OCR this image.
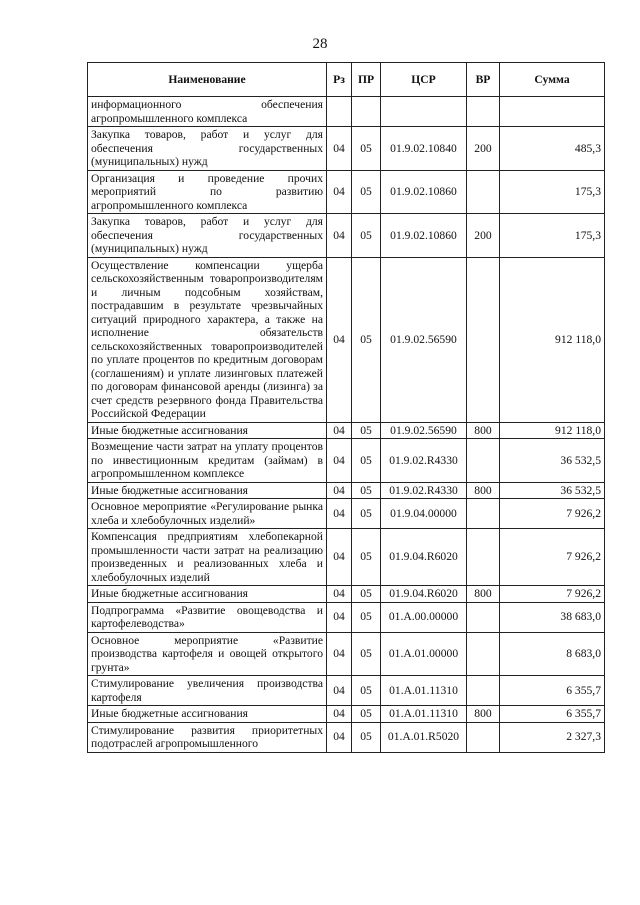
28
Наименование	Рз	ПР	ЦСР	ВР	Сумма
информационного обеспечения агропромышленного комплекса					
Закупка товаров, работ и услуг для обеспечения государственных (муниципальных) нужд	04	05	01.9.02.10840	200	485,3
Организация и проведение прочих мероприятий по развитию агропромышленного комплекса	04	05	01.9.02.10860		175,3
Закупка товаров, работ и услуг для обеспечения государственных (муниципальных) нужд	04	05	01.9.02.10860	200	175,3
Осуществление компенсации ущерба сельскохозяйственным товаропроизводителям и личным подсобным хозяйствам, пострадавшим в результате чрезвычайных ситуаций природного характера, а также на исполнение обязательств сельскохозяйственных товаропроизводителей по уплате процентов по кредитным договорам (соглашениям) и уплате лизинговых платежей по договорам финансовой аренды (лизинга) за счет средств резервного фонда Правительства Российской Федерации	04	05	01.9.02.56590		912 118,0
Иные бюджетные ассигнования	04	05	01.9.02.56590	800	912 118,0
Возмещение части затрат на уплату процентов по инвестиционным кредитам (займам) в агропромышленном комплексе	04	05	01.9.02.R4330		36 532,5
Иные бюджетные ассигнования	04	05	01.9.02.R4330	800	36 532,5
Основное мероприятие «Регулирование рынка хлеба и хлебобулочных изделий»	04	05	01.9.04.00000		7 926,2
Компенсация предприятиям хлебопекарной промышленности части затрат на реализацию произведенных и реализованных хлеба и хлебобулочных изделий	04	05	01.9.04.R6020		7 926,2
Иные бюджетные ассигнования	04	05	01.9.04.R6020	800	7 926,2
Подпрограмма «Развитие овощеводства и картофелеводства»	04	05	01.А.00.00000		38 683,0
Основное мероприятие «Развитие производства картофеля и овощей открытого грунта»	04	05	01.А.01.00000		8 683,0
Стимулирование увеличения производства картофеля	04	05	01.А.01.11310		6 355,7
Иные бюджетные ассигнования	04	05	01.А.01.11310	800	6 355,7
Стимулирование развития приоритетных подотраслей агропромышленного	04	05	01.А.01.R5020		2 327,3
